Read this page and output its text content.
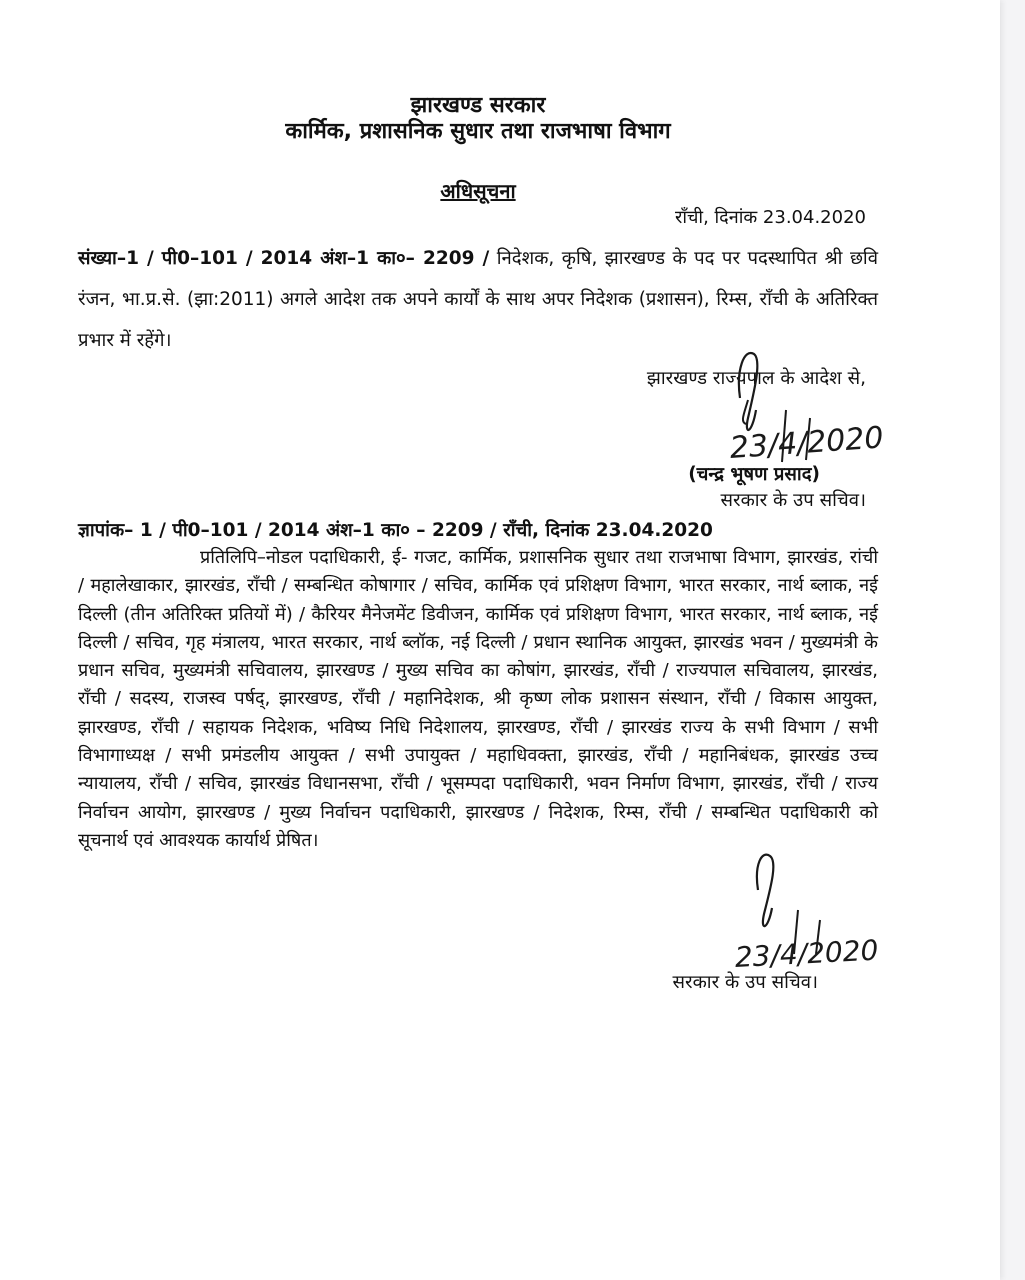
झारखण्ड सरकार
कार्मिक, प्रशासनिक सुधार तथा राजभाषा विभाग
अधिसूचना
राँची, दिनांक 23.04.2020
संख्या–1 / पी0–101 / 2014 अंश–1 का०– 2209 / निदेशक, कृषि, झारखण्ड के पद पर पदस्थापित श्री छवि रंजन, भा.प्र.से. (झा:2011) अगले आदेश तक अपने कार्यों के साथ अपर निदेशक (प्रशासन), रिम्स, राँची के अतिरिक्त प्रभार में रहेंगे।
झारखण्ड राज्यपाल के आदेश से,
23/4/2020
(चन्द्र भूषण प्रसाद)
सरकार के उप सचिव।
ज्ञापांक– 1 / पी0–101 / 2014 अंश–1 का० – 2209 / राँची, दिनांक 23.04.2020
प्रतिलिपि–नोडल पदाधिकारी, ई- गजट, कार्मिक, प्रशासनिक सुधार तथा राजभाषा विभाग, झारखंड, रांची / महालेखाकार, झारखंड, राँची / सम्बन्धित कोषागार / सचिव, कार्मिक एवं प्रशिक्षण विभाग, भारत सरकार, नार्थ ब्लाक, नई दिल्ली (तीन अतिरिक्त प्रतियों में) / कैरियर मैनेजमेंट डिवीजन, कार्मिक एवं प्रशिक्षण विभाग, भारत सरकार, नार्थ ब्लाक, नई दिल्ली / सचिव, गृह मंत्रालय, भारत सरकार, नार्थ ब्लॉक, नई दिल्ली / प्रधान स्थानिक आयुक्त, झारखंड भवन / मुख्यमंत्री के प्रधान सचिव, मुख्यमंत्री सचिवालय, झारखण्ड / मुख्य सचिव का कोषांग, झारखंड, राँची / राज्यपाल सचिवालय, झारखंड, राँची / सदस्य, राजस्व पर्षद्, झारखण्ड, राँची / महानिदेशक, श्री कृष्ण लोक प्रशासन संस्थान, राँची / विकास आयुक्त, झारखण्ड, राँची / सहायक निदेशक, भविष्य निधि निदेशालय, झारखण्ड, राँची / झारखंड राज्य के सभी विभाग / सभी विभागाध्यक्ष / सभी प्रमंडलीय आयुक्त / सभी उपायुक्त / महाधिवक्ता, झारखंड, राँची / महानिबंधक, झारखंड उच्च न्यायालय, राँची / सचिव, झारखंड विधानसभा, राँची / भूसम्पदा पदाधिकारी, भवन निर्माण विभाग, झारखंड, राँची / राज्य निर्वाचन आयोग, झारखण्ड / मुख्य निर्वाचन पदाधिकारी, झारखण्ड / निदेशक, रिम्स, राँची / सम्बन्धित पदाधिकारी को सूचनार्थ एवं आवश्यक कार्यार्थ प्रेषित।
23/4/2020
सरकार के उप सचिव।
